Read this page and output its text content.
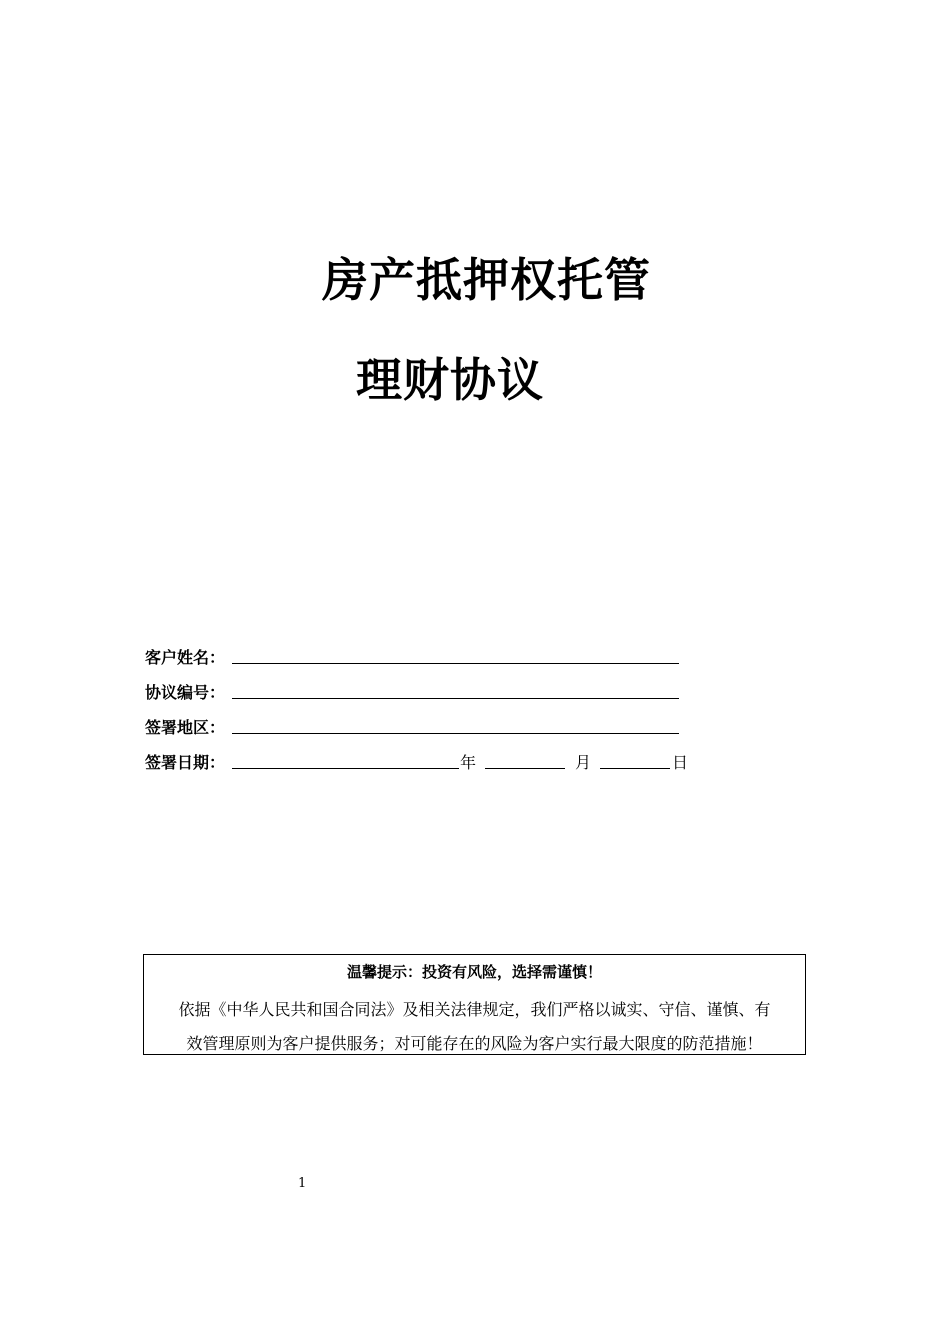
房产抵押权托管
理财协议
客户姓名：
协议编号：
签署地区：
签署日期：	年	月	日
温馨提示：投资有风险，选择需谨慎！
依据《中华人民共和国合同法》及相关法律规定，我们严格以诚实、守信、谨慎、有
效管理原则为客户提供服务；对可能存在的风险为客户实行最大限度的防范措施！
1
